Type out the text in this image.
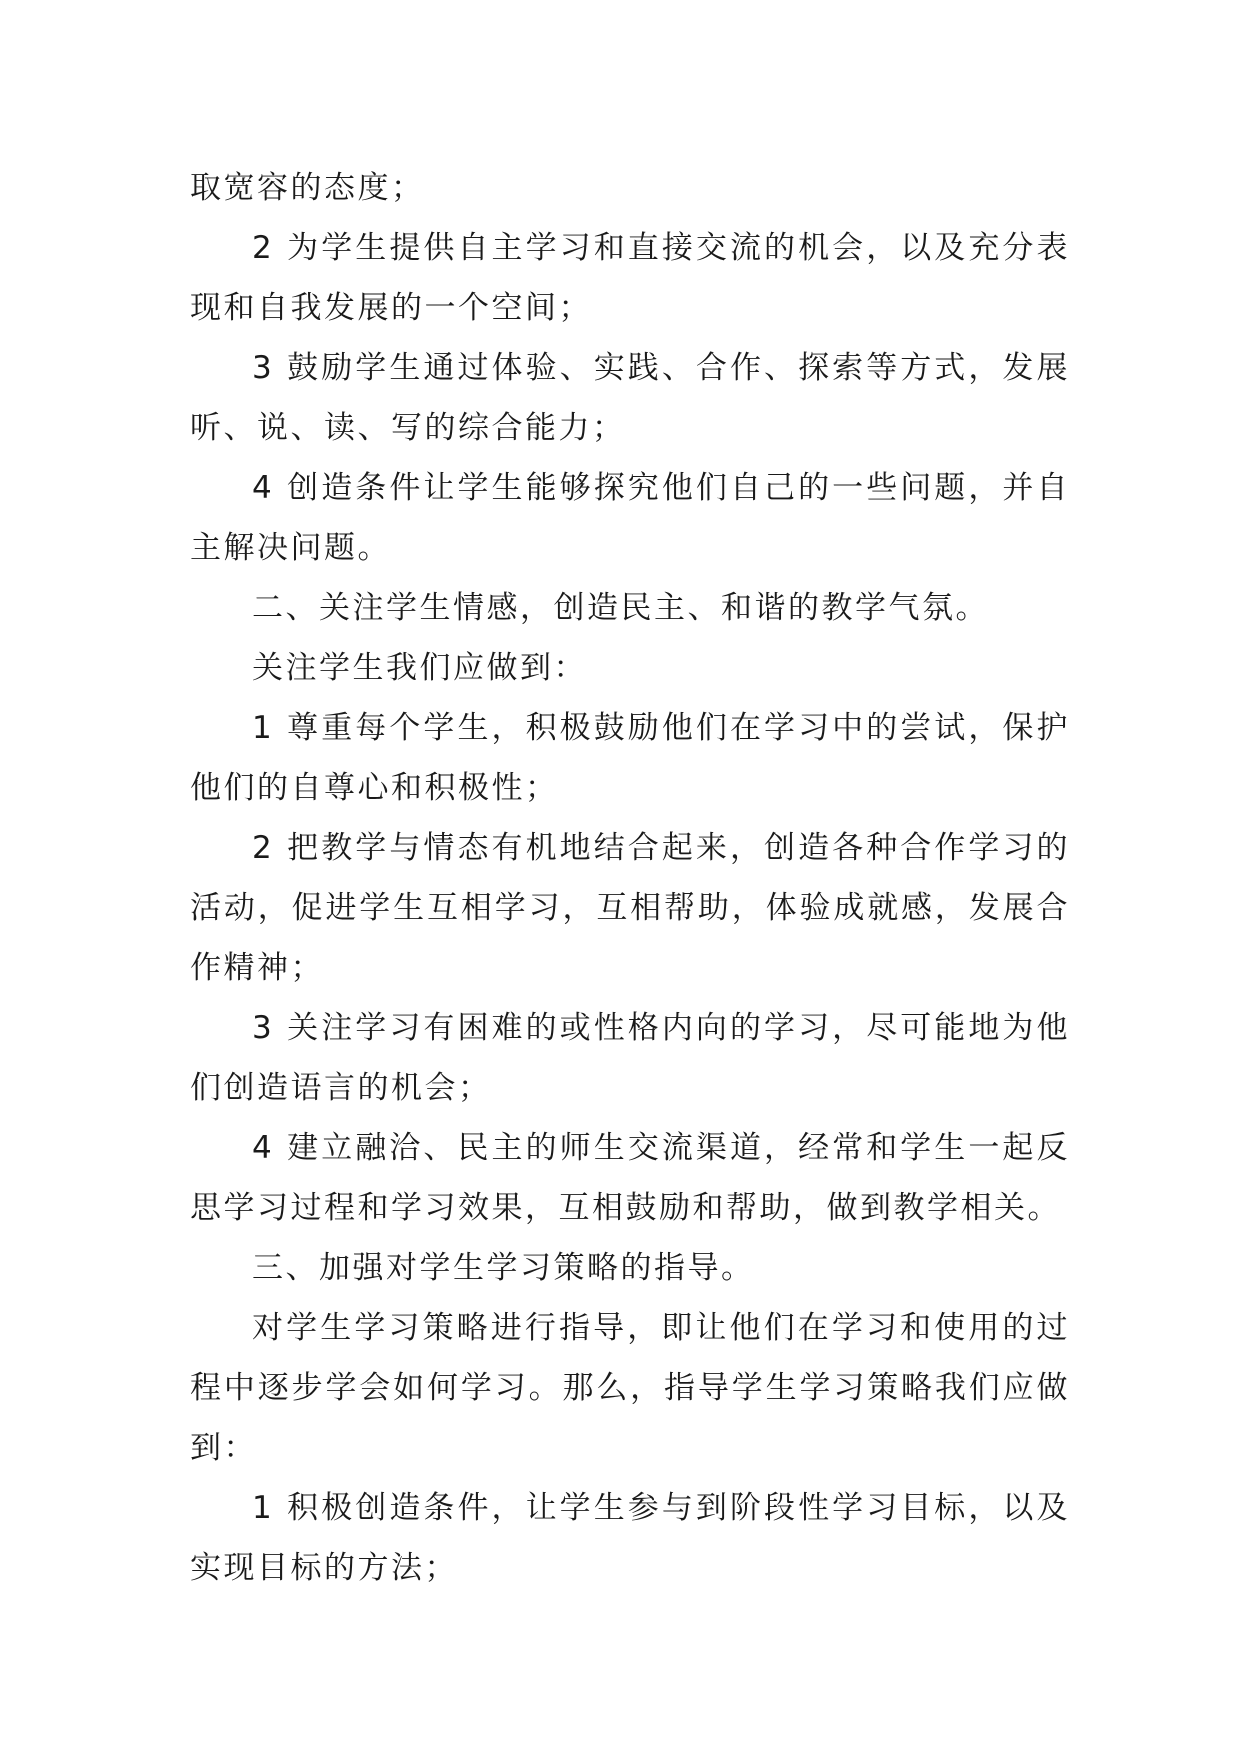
取宽容的态度；

2 为学生提供自主学习和直接交流的机会，以及充分表现和自我发展的一个空间；

3 鼓励学生通过体验、实践、合作、探索等方式，发展听、说、读、写的综合能力；

4 创造条件让学生能够探究他们自己的一些问题，并自主解决问题。

二、关注学生情感，创造民主、和谐的教学气氛。

关注学生我们应做到：

1 尊重每个学生，积极鼓励他们在学习中的尝试，保护他们的自尊心和积极性；

2 把教学与情态有机地结合起来，创造各种合作学习的活动，促进学生互相学习，互相帮助，体验成就感，发展合作精神；

3 关注学习有困难的或性格内向的学习，尽可能地为他们创造语言的机会；

4 建立融洽、民主的师生交流渠道，经常和学生一起反思学习过程和学习效果，互相鼓励和帮助，做到教学相关。

三、加强对学生学习策略的指导。

对学生学习策略进行指导，即让他们在学习和使用的过程中逐步学会如何学习。那么，指导学生学习策略我们应做到：

1 积极创造条件，让学生参与到阶段性学习目标，以及实现目标的方法；
